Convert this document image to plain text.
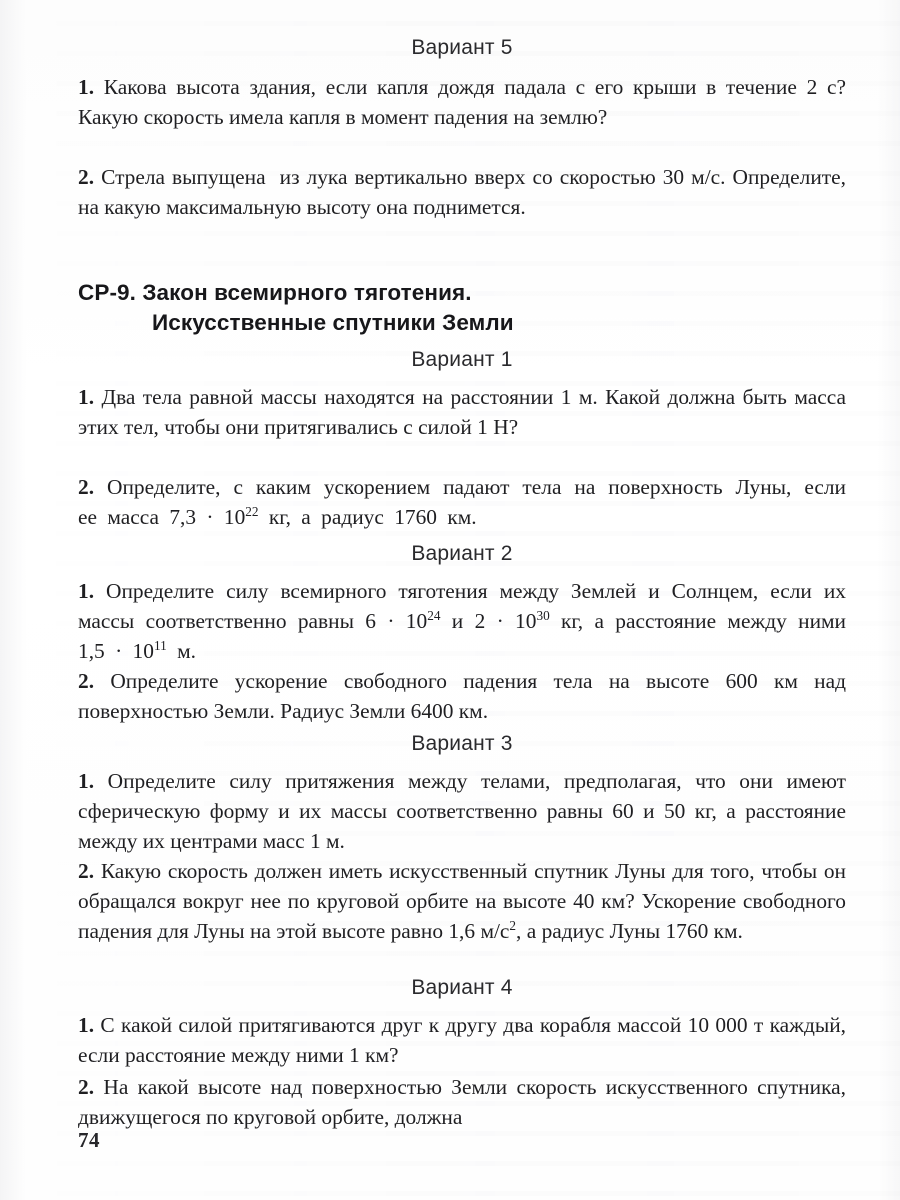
Вариант 5
1. Какова высота здания, если капля дождя падала с его крыши в течение 2 с? Какую скорость имела капля в момент падения на землю?
2. Стрела выпущена  из лука вертикально вверх со скоростью 30 м/с. Определите, на какую максимальную высоту она поднимется.
СР-9. Закон всемирного тяготения.
Искусственные спутники Земли
Вариант 1
1. Два тела равной массы находятся на расстоянии 1 м. Какой должна быть масса этих тел, чтобы они притягивались с силой 1 Н?
2. Определите, с каким ускорением падают тела на поверхность Луны, если ее масса $7,3 \cdot 10^{22}$ кг, а радиус 1760 км.
Вариант 2
1. Определите силу всемирного тяготения между Землей и Солнцем, если их массы соответственно равны $6 \cdot 10^{24}$ и $2 \cdot 10^{30}$ кг, а расстояние между ними $1,5 \cdot 10^{11}$ м.
2. Определите ускорение свободного падения тела на высоте 600 км над поверхностью Земли. Радиус Земли 6400 км.
Вариант 3
1. Определите силу притяжения между телами, предполагая, что они имеют сферическую форму и их массы соответственно равны 60 и 50 кг, а расстояние между их центрами масс 1 м.
2. Какую скорость должен иметь искусственный спутник Луны для того, чтобы он обращался вокруг нее по круговой орбите на высоте 40 км? Ускорение свободного падения для Луны на этой высоте равно 1,6 $м/с^2$, а радиус Луны 1760 км.
Вариант 4
1. С какой силой притягиваются друг к другу два корабля массой 10 000 т каждый, если расстояние между ними 1 км?
2. На какой высоте над поверхностью Земли скорость искусственного спутника, движущегося по круговой орбите, должна
74
